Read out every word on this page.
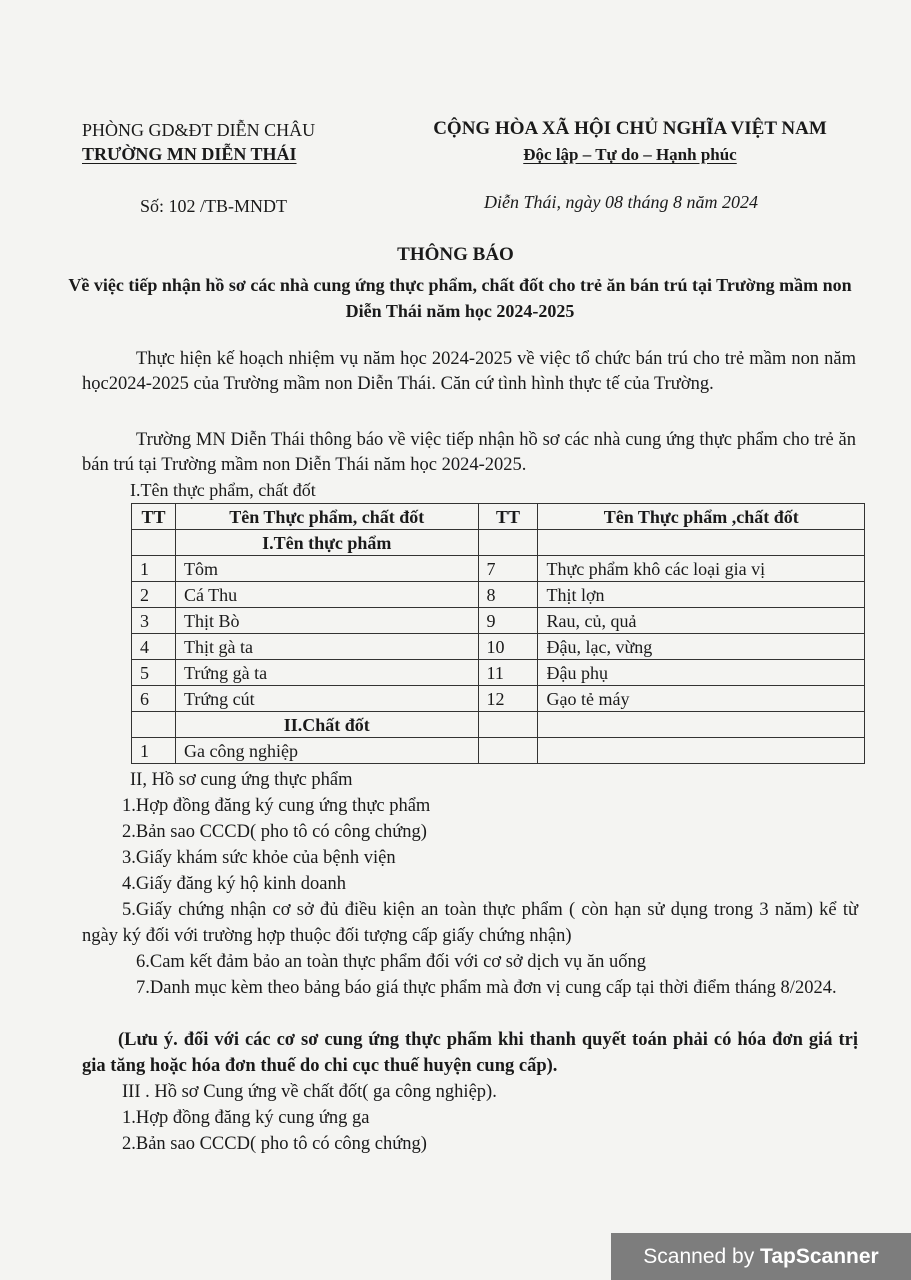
PHÒNG GD&ĐT DIỄN CHÂU
TRƯỜNG MN DIỄN THÁI
CỘNG HÒA XÃ HỘI CHỦ NGHĨA VIỆT NAM
Độc lập – Tự do – Hạnh phúc
Số: 102 /TB-MNDT	Diễn Thái, ngày 08 tháng 8 năm 2024
THÔNG BÁO
Về việc tiếp nhận hồ sơ các nhà cung ứng thực phẩm, chất đốt cho trẻ ăn bán trú tại Trường mầm non Diễn Thái năm học 2024-2025
Thực hiện kế hoạch nhiệm vụ năm học 2024-2025 về việc tổ chức bán trú cho trẻ mầm non năm học2024-2025 của Trường mầm non Diễn Thái. Căn cứ tình hình thực tế của Trường.
Trường MN Diễn Thái thông báo về việc tiếp nhận hồ sơ các nhà cung ứng thực phẩm cho trẻ ăn bán trú tại Trường mầm non Diễn Thái năm học 2024-2025.
I.Tên thực phẩm, chất đốt
TT	Tên Thực phẩm, chất đốt	TT	Tên Thực phẩm ,chất đốt
	I.Tên thực phẩm		
1	Tôm	7	Thực phẩm khô các loại gia vị
2	Cá Thu	8	Thịt lợn
3	Thịt Bò	9	Rau, củ, quả
4	Thịt gà ta	10	Đậu, lạc, vừng
5	Trứng gà ta	11	Đậu phụ
6	Trứng cút	12	Gạo tẻ máy
	II.Chất đốt		
1	Ga công nghiệp		
II, Hồ sơ cung ứng thực phẩm
1.Hợp đồng đăng ký cung ứng thực phẩm
2.Bản sao CCCD( pho tô có công chứng)
3.Giấy khám sức khỏe của bệnh viện
4.Giấy đăng ký hộ kinh doanh
5.Giấy chứng nhận cơ sở đủ điều kiện an toàn thực phẩm ( còn hạn sử dụng trong 3 năm) kể từ ngày ký đối với trường hợp thuộc đối tượng cấp giấy chứng nhận)
6.Cam kết đảm bảo an toàn thực phẩm đối với cơ sở dịch vụ ăn uống
7.Danh mục kèm theo bảng báo giá thực phẩm mà đơn vị cung cấp tại thời điểm tháng 8/2024.
(Lưu ý. đối với các cơ sơ cung ứng thực phẩm khi thanh quyết toán phải có hóa đơn giá trị gia tăng hoặc hóa đơn thuế do chi cục thuế huyện cung cấp).
III . Hồ sơ Cung ứng về chất đốt( ga công nghiệp).
1.Hợp đồng đăng ký cung ứng ga
2.Bản sao CCCD( pho tô có công chứng)
Scanned by TapScanner
